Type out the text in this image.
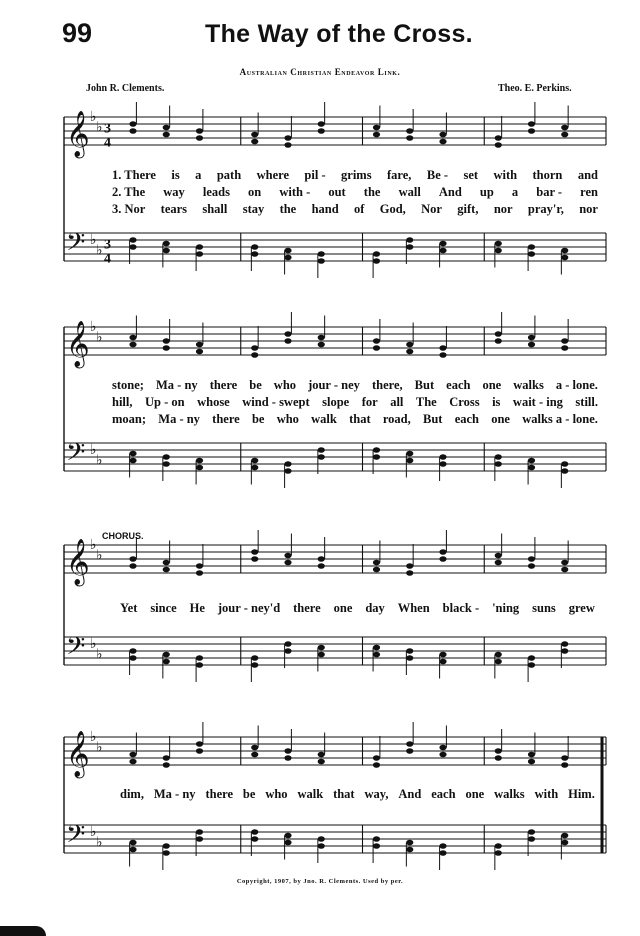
99	The Way of the Cross.
Australian Christian Endeavor Link.
John R. Clements.	Theo. E. Perkins.
CHORUS.
𝄞
𝄢
♭
♭
♭
♭
3
4
3
4
𝄞
𝄢
♭
♭
♭
♭
𝄞
𝄢
♭
♭
♭
♭
𝄞
𝄢
♭
♭
♭
♭
1. There is a path where pil - grims fare, Be - set with thorn and
2. The way leads on with - out the wall And up a bar - ren
3. Nor tears shall stay the hand of God, Nor gift, nor pray'r, nor
stone; Ma - ny there be who jour - ney there, But each one walks a - lone.
hill, Up - on whose wind - swept slope for all The Cross is wait - ing still.
moan; Ma - ny there be who walk that road, But each one walks a - lone.
Yet since He jour - ney'd there one day When black - 'ning suns grew
dim, Ma - ny there be who walk that way, And each one walks with Him.
Copyright, 1907, by Jno. R. Clements. Used by per.
